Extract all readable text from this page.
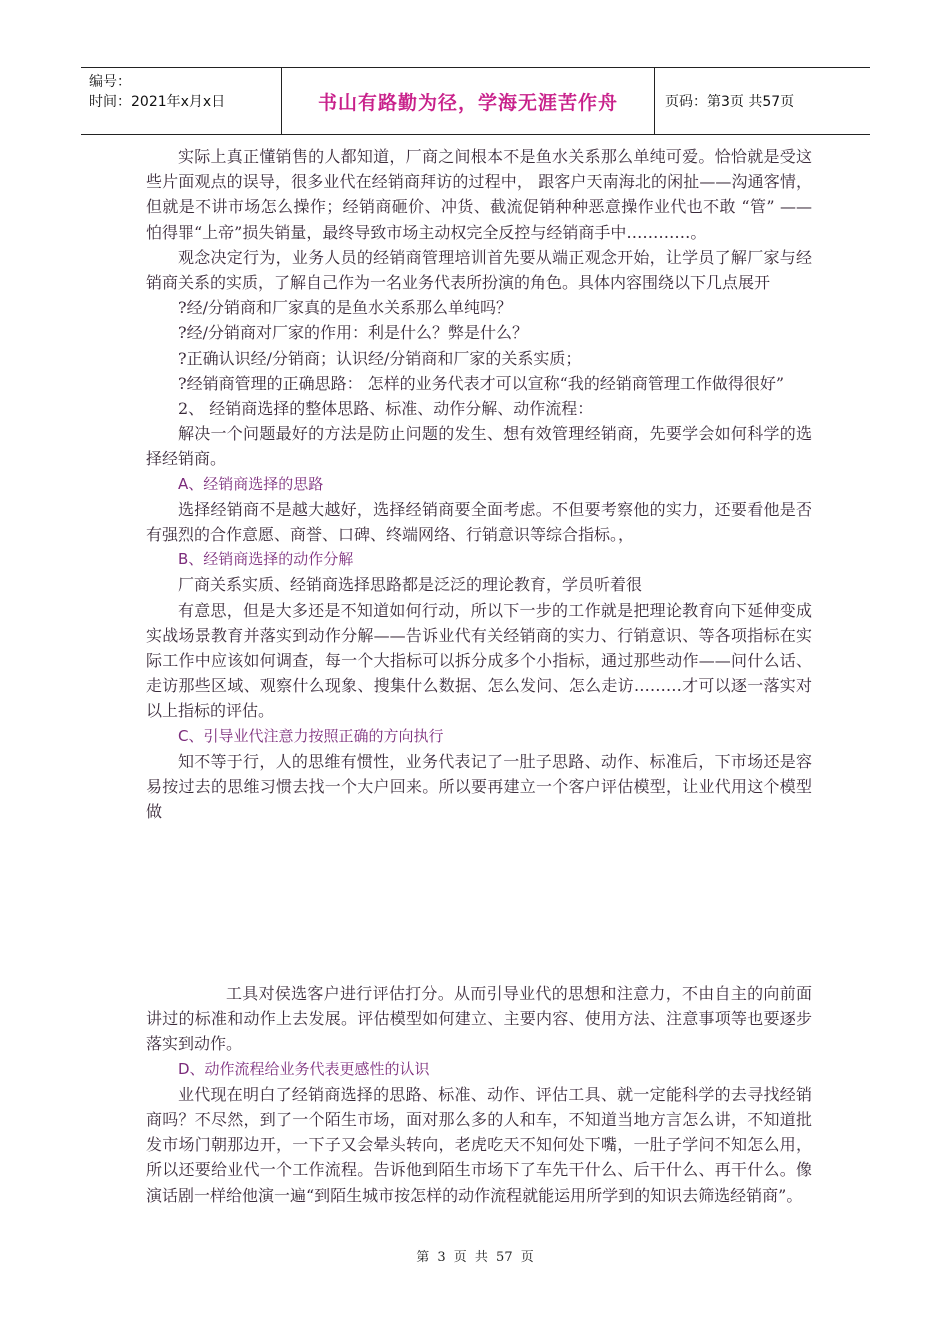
编号：
时间：2021年x月x日	书山有路勤为径，学海无涯苦作舟	页码：第3页 共57页

实际上真正懂销售的人都知道，厂商之间根本不是鱼水关系那么单纯可爱。恰恰就是受这些片面观点的误导，很多业代在经销商拜访的过程中， 跟客户天南海北的闲扯——沟通客情， 但就是不讲市场怎么操作；经销商砸价、冲货、截流促销种种恶意操作业代也不敢 “管” ——怕得罪“上帝”损失销量，最终导致市场主动权完全反控与经销商手中…………。

观念决定行为，业务人员的经销商管理培训首先要从端正观念开始，让学员了解厂家与经销商关系的实质，了解自己作为一名业务代表所扮演的角色。具体内容围绕以下几点展开

?经/分销商和厂家真的是鱼水关系那么单纯吗？

?经/分销商对厂家的作用：利是什么？弊是什么？

?正确认识经/分销商；认识经/分销商和厂家的关系实质；

?经销商管理的正确思路： 怎样的业务代表才可以宣称“我的经销商管理工作做得很好”

2、 经销商选择的整体思路、标准、动作分解、动作流程：

解决一个问题最好的方法是防止问题的发生、想有效管理经销商，先要学会如何科学的选择经销商。

A、经销商选择的思路

选择经销商不是越大越好，选择经销商要全面考虑。不但要考察他的实力，还要看他是否有强烈的合作意愿、商誉、口碑、终端网络、行销意识等综合指标。，

B、经销商选择的动作分解

厂商关系实质、经销商选择思路都是泛泛的理论教育，学员听着很

有意思，但是大多还是不知道如何行动，所以下一步的工作就是把理论教育向下延伸变成实战场景教育并落实到动作分解——告诉业代有关经销商的实力、行销意识、等各项指标在实际工作中应该如何调查，每一个大指标可以拆分成多个小指标，通过那些动作——问什么话、走访那些区域、观察什么现象、搜集什么数据、怎么发问、怎么走访………才可以逐一落实对以上指标的评估。

C、引导业代注意力按照正确的方向执行

知不等于行，人的思维有惯性，业务代表记了一肚子思路、动作、标准后，下市场还是容易按过去的思维习惯去找一个大户回来。所以要再建立一个客户评估模型，让业代用这个模型做

工具对侯选客户进行评估打分。从而引导业代的思想和注意力，不由自主的向前面讲过的标准和动作上去发展。评估模型如何建立、主要内容、使用方法、注意事项等也要逐步落实到动作。

D、动作流程给业务代表更感性的认识

业代现在明白了经销商选择的思路、标准、动作、评估工具、就一定能科学的去寻找经销商吗？不尽然，到了一个陌生市场，面对那么多的人和车，不知道当地方言怎么讲，不知道批发市场门朝那边开，一下子又会晕头转向，老虎吃天不知何处下嘴，一肚子学问不知怎么用，所以还要给业代一个工作流程。告诉他到陌生市场下了车先干什么、后干什么、再干什么。像演话剧一样给他演一遍“到陌生城市按怎样的动作流程就能运用所学到的知识去筛选经销商”。

第 3 页 共 57 页
